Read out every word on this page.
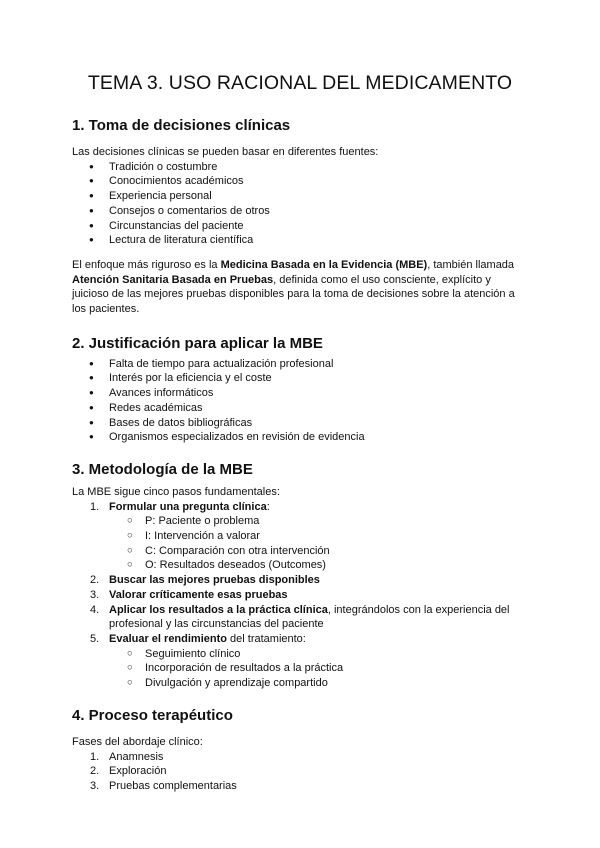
TEMA 3. USO RACIONAL DEL MEDICAMENTO
1. Toma de decisiones clínicas

Las decisiones clínicas se pueden basar en diferentes fuentes:

● Tradición o costumbre
● Conocimientos académicos
● Experiencia personal
● Consejos o comentarios de otros
● Circunstancias del paciente
● Lectura de literatura científica

El enfoque más riguroso es la Medicina Basada en la Evidencia (MBE), también llamada Atención Sanitaria Basada en Pruebas, definida como el uso consciente, explícito y juicioso de las mejores pruebas disponibles para la toma de decisiones sobre la atención a los pacientes.

2. Justificación para aplicar la MBE
● Falta de tiempo para actualización profesional
● Interés por la eficiencia y el coste
● Avances informáticos
● Redes académicas
● Bases de datos bibliográficas
● Organismos especializados en revisión de evidencia
3. Metodología de la MBE

La MBE sigue cinco pasos fundamentales:

1. Formular una pregunta clínica:
○ P: Paciente o problema
○ I: Intervención a valorar
○ C: Comparación con otra intervención
○ O: Resultados deseados (Outcomes)
2. Buscar las mejores pruebas disponibles
3. Valorar críticamente esas pruebas
4. Aplicar los resultados a la práctica clínica, integrándolos con la experiencia del profesional y las circunstancias del paciente
5. Evaluar el rendimiento del tratamiento:
○ Seguimiento clínico
○ Incorporación de resultados a la práctica
○ Divulgación y aprendizaje compartido
4. Proceso terapéutico

Fases del abordaje clínico:

1. Anamnesis
2. Exploración
3. Pruebas complementarias
